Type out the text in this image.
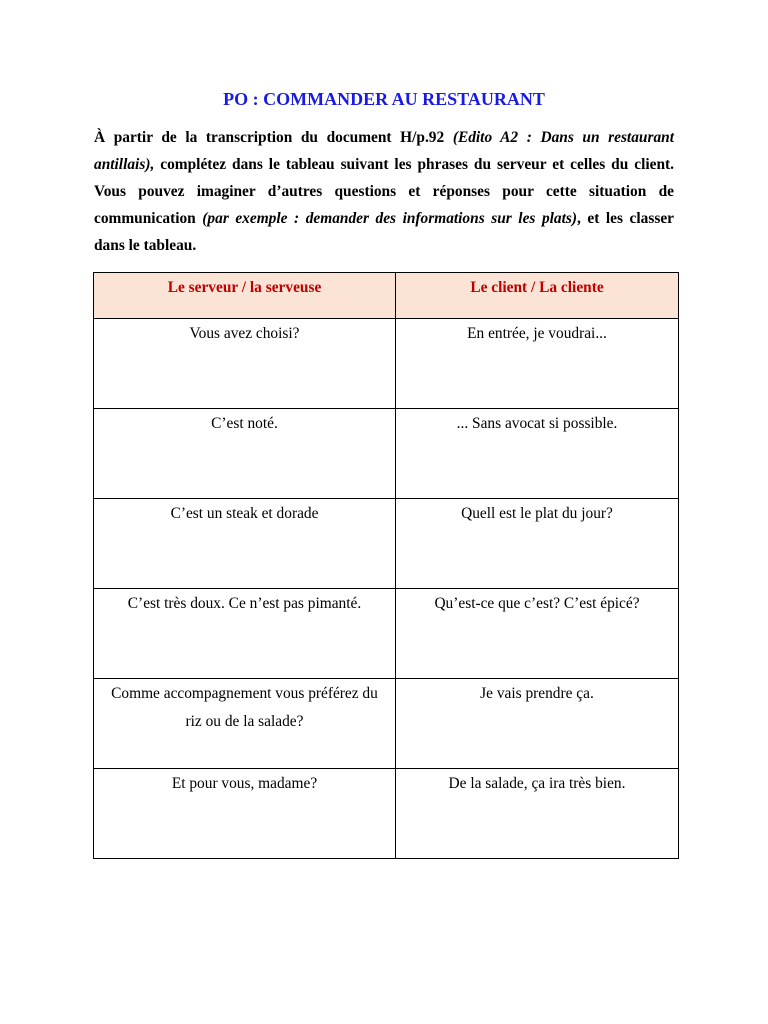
PO : COMMANDER AU RESTAURANT

À partir de la transcription du document H/p.92 (Edito A2 : Dans un restaurant antillais), complétez dans le tableau suivant les phrases du serveur et celles du client. Vous pouvez imaginer d’autres questions et réponses pour cette situation de communication (par exemple : demander des informations sur les plats), et les classer dans le tableau.

Le serveur / la serveuse	Le client / La cliente
Vous avez choisi?	En entrée, je voudrai...
C’est noté.	... Sans avocat si possible.
C’est un steak et dorade	Quell est le plat du jour?
C’est très doux. Ce n’est pas pimanté.	Qu’est-ce que c’est? C’est épicé?
Comme accompagnement vous préférez du riz ou de la salade?	Je vais prendre ça.
Et pour vous, madame?	De la salade, ça ira très bien.
